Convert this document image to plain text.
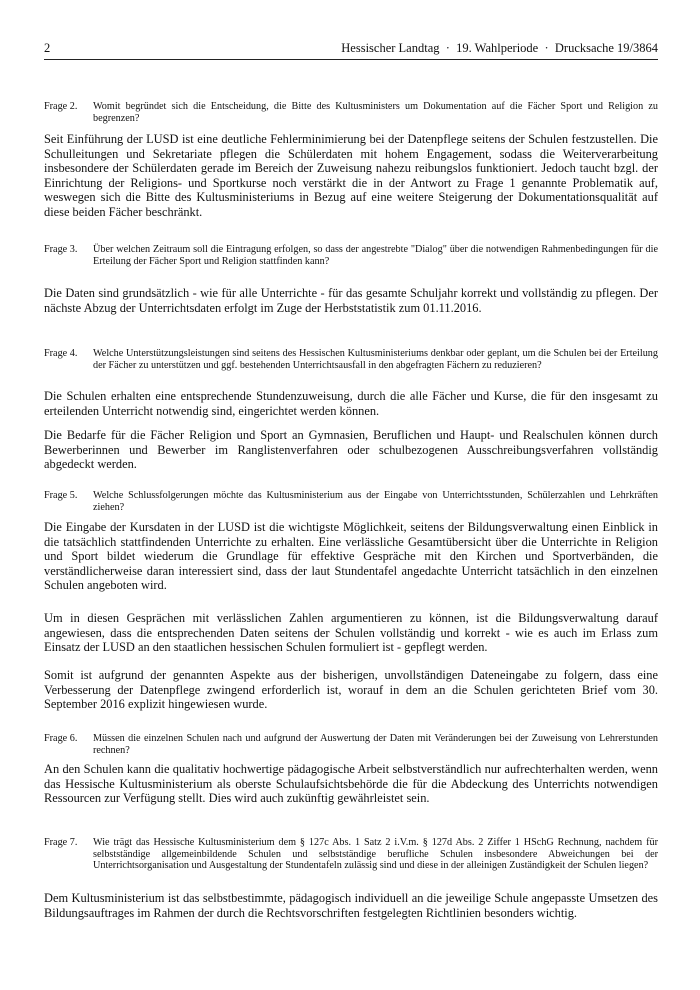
2	Hessischer Landtag  ·  19. Wahlperiode  ·  Drucksache 19/3864
Frage 2. Womit begründet sich die Entscheidung, die Bitte des Kultusministers um Dokumentation auf die Fächer Sport und Religion zu begrenzen?

Seit Einführung der LUSD ist eine deutliche Fehlerminimierung bei der Datenpflege seitens der Schulen festzustellen. Die Schulleitungen und Sekretariate pflegen die Schülerdaten mit hohem Engagement, sodass die Weiterverarbeitung insbesondere der Schülerdaten gerade im Bereich der Zuweisung nahezu reibungslos funktioniert. Jedoch taucht bzgl. der Einrichtung der Religions- und Sportkurse noch verstärkt die in der Antwort zu Frage 1 genannte Problematik auf, weswegen sich die Bitte des Kultusministeriums in Bezug auf eine weitere Steigerung der Dokumentationsqualität auf diese beiden Fächer beschränkt.

Frage 3. Über welchen Zeitraum soll die Eintragung erfolgen, so dass der angestrebte "Dialog" über die notwendigen Rahmenbedingungen für die Erteilung der Fächer Sport und Religion stattfinden kann?

Die Daten sind grundsätzlich - wie für alle Unterrichte - für das gesamte Schuljahr korrekt und vollständig zu pflegen. Der nächste Abzug der Unterrichtsdaten erfolgt im Zuge der Herbststatistik zum 01.11.2016.

Frage 4. Welche Unterstützungsleistungen sind seitens des Hessischen Kultusministeriums denkbar oder geplant, um die Schulen bei der Erteilung der Fächer zu unterstützen und ggf. bestehenden Unterrichtsausfall in den abgefragten Fächern zu reduzieren?

Die Schulen erhalten eine entsprechende Stundenzuweisung, durch die alle Fächer und Kurse, die für den insgesamt zu erteilenden Unterricht notwendig sind, eingerichtet werden können.

Die Bedarfe für die Fächer Religion und Sport an Gymnasien, Beruflichen und Haupt- und Realschulen können durch Bewerberinnen und Bewerber im Ranglistenverfahren oder schulbezogenen Ausschreibungsverfahren vollständig abgedeckt werden.

Frage 5. Welche Schlussfolgerungen möchte das Kultusministerium aus der Eingabe von Unterrichtsstunden, Schülerzahlen und Lehrkräften ziehen?

Die Eingabe der Kursdaten in der LUSD ist die wichtigste Möglichkeit, seitens der Bildungsverwaltung einen Einblick in die tatsächlich stattfindenden Unterrichte zu erhalten. Eine verlässliche Gesamtübersicht über die Unterrichte in Religion und Sport bildet wiederum die Grundlage für effektive Gespräche mit den Kirchen und Sportverbänden, die verständlicherweise daran interessiert sind, dass der laut Stundentafel angedachte Unterricht tatsächlich in den einzelnen Schulen angeboten wird.

Um in diesen Gesprächen mit verlässlichen Zahlen argumentieren zu können, ist die Bildungsverwaltung darauf angewiesen, dass die entsprechenden Daten seitens der Schulen vollständig und korrekt - wie es auch im Erlass zum Einsatz der LUSD an den staatlichen hessischen Schulen formuliert ist - gepflegt werden.

Somit ist aufgrund der genannten Aspekte aus der bisherigen, unvollständigen Dateneingabe zu folgern, dass eine Verbesserung der Datenpflege zwingend erforderlich ist, worauf in dem an die Schulen gerichteten Brief vom 30. September 2016 explizit hingewiesen wurde.

Frage 6. Müssen die einzelnen Schulen nach und aufgrund der Auswertung der Daten mit Veränderungen bei der Zuweisung von Lehrerstunden rechnen?

An den Schulen kann die qualitativ hochwertige pädagogische Arbeit selbstverständlich nur aufrechterhalten werden, wenn das Hessische Kultusministerium als oberste Schulaufsichtsbehörde die für die Abdeckung des Unterrichts notwendigen Ressourcen zur Verfügung stellt. Dies wird auch zukünftig gewährleistet sein.

Frage 7. Wie trägt das Hessische Kultusministerium dem § 127c Abs. 1 Satz 2 i.V.m. § 127d Abs. 2 Ziffer 1 HSchG Rechnung, nachdem für selbstständige allgemeinbildende Schulen und selbstständige berufliche Schulen insbesondere Abweichungen bei der Unterrichtsorganisation und Ausgestaltung der Stundentafeln zulässig sind und diese in der alleinigen Zuständigkeit der Schulen liegen?

Dem Kultusministerium ist das selbstbestimmte, pädagogisch individuell an die jeweilige Schule angepasste Umsetzen des Bildungsauftrages im Rahmen der durch die Rechtsvorschriften festgelegten Richtlinien besonders wichtig.
